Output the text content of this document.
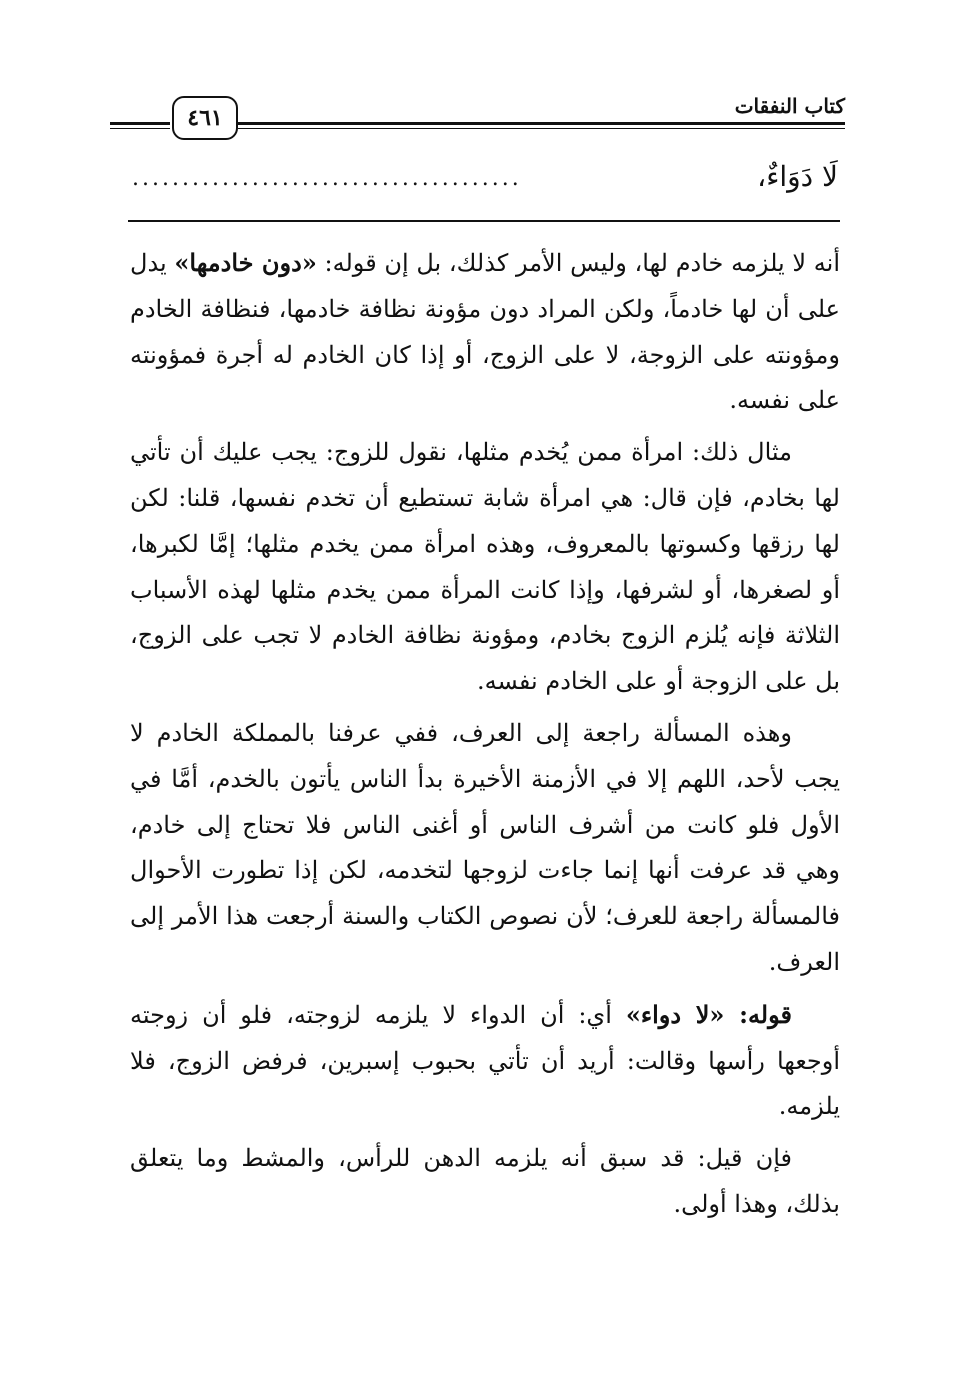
٤٦١	كتاب النفقات
لَا دَوَاءٌ،
.......................................

أنه لا يلزمه خادم لها، وليس الأمر كذلك، بل إن قوله: «دون خادمها» يدل على أن لها خادماً، ولكن المراد دون مؤونة نظافة خادمها، فنظافة الخادم ومؤونته على الزوجة، لا على الزوج، أو إذا كان الخادم له أجرة فمؤونته على نفسه.

مثال ذلك: امرأة ممن يُخدم مثلها، نقول للزوج: يجب عليك أن تأتي لها بخادم، فإن قال: هي امرأة شابة تستطيع أن تخدم نفسها، قلنا: لكن لها رزقها وكسوتها بالمعروف، وهذه امرأة ممن يخدم مثلها؛ إمَّا لكبرها، أو لصغرها، أو لشرفها، وإذا كانت المرأة ممن يخدم مثلها لهذه الأسباب الثلاثة فإنه يُلزم الزوج بخادم، ومؤونة نظافة الخادم لا تجب على الزوج، بل على الزوجة أو على الخادم نفسه.

وهذه المسألة راجعة إلى العرف، ففي عرفنا بالمملكة الخادم لا يجب لأحد، اللهم إلا في الأزمنة الأخيرة بدأ الناس يأتون بالخدم، أمَّا في الأول فلو كانت من أشرف الناس أو أغنى الناس فلا تحتاج إلى خادم، وهي قد عرفت أنها إنما جاءت لزوجها لتخدمه، لكن إذا تطورت الأحوال فالمسألة راجعة للعرف؛ لأن نصوص الكتاب والسنة أرجعت هذا الأمر إلى العرف.

قوله: «لا دواء» أي: أن الدواء لا يلزمه لزوجته، فلو أن زوجته أوجعها رأسها وقالت: أريد أن تأتي بحبوب إسبرين، فرفض الزوج، فلا يلزمه.

فإن قيل: قد سبق أنه يلزمه الدهن للرأس، والمشط وما يتعلق بذلك، وهذا أولى.
